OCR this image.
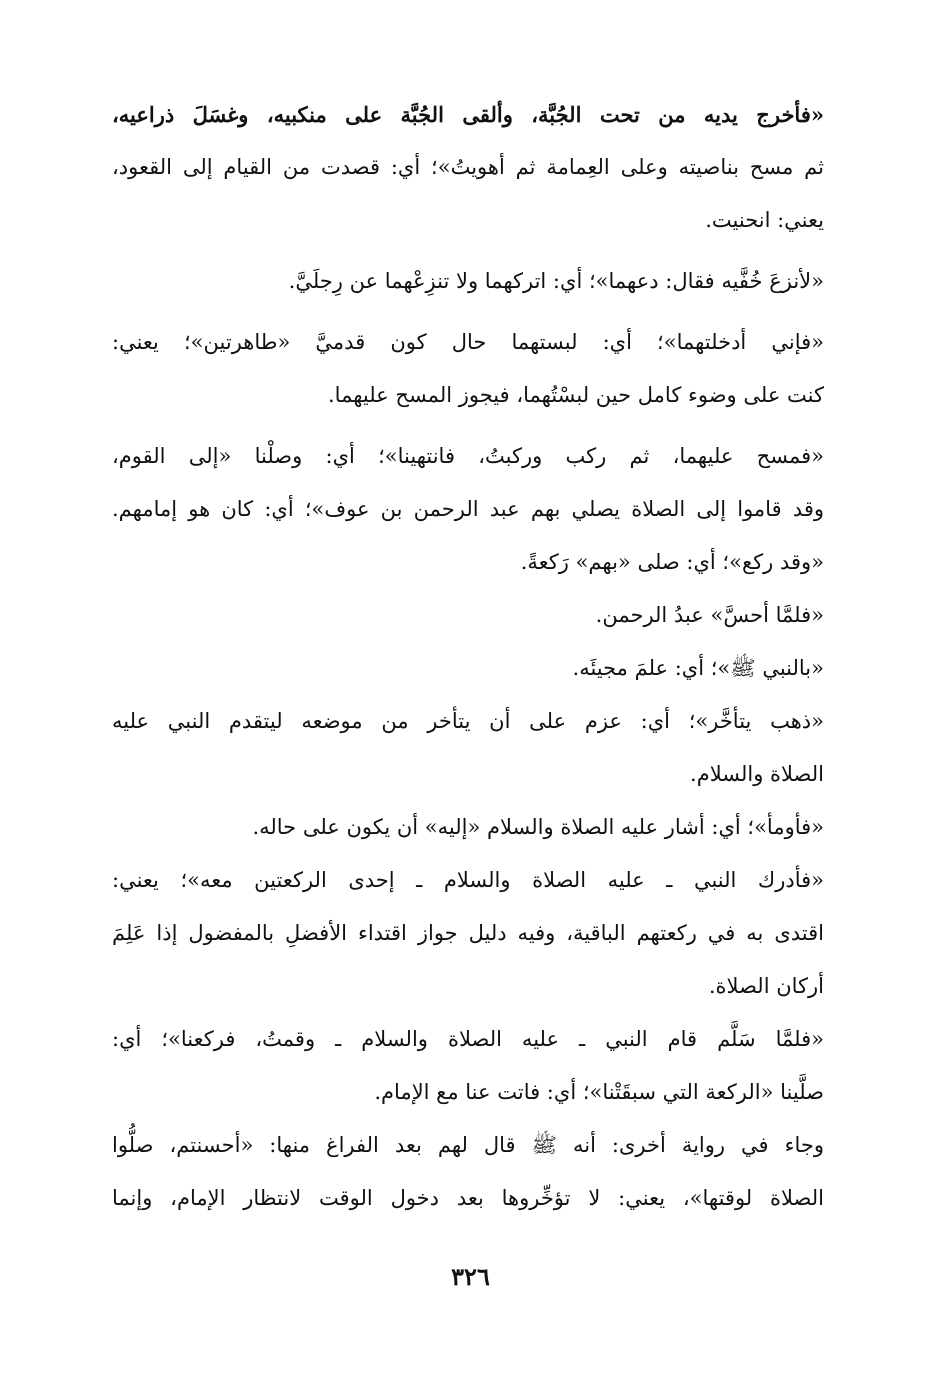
«فأخرج يديه من تحت الجُبَّة، وألقى الجُبَّة على منكبيه، وغسَلَ ذراعيه،
ثم مسح بناصيته وعلى العِمامة ثم أهويتُ»؛ أي: قصدت من القيام إلى القعود،
يعني: انحنيت.
«لأنزعَ خُفَّيه فقال: دعهما»؛ أي: اتركهما ولا تنزِعْهما عن رِجلَيَّ.
«فإني أدخلتهما»؛ أي: لبستهما حال كون قدميَّ «طاهرتين»؛ يعني:
كنت على وضوء كامل حين لبسْتُهما، فيجوز المسح عليهما.
«فمسح عليهما، ثم ركب وركبتُ، فانتهينا»؛ أي: وصلْنا «إلى القوم،
وقد قاموا إلى الصلاة يصلي بهم عبد الرحمن بن عوف»؛ أي: كان هو إمامهم.
«وقد ركع»؛ أي: صلى «بهم» رَكعةً.
«فلمَّا أحسَّ» عبدُ الرحمن.
«بالنبي ﷺ»؛ أي: علمَ مجيئَه.
«ذهب يتأخَّر»؛ أي: عزم على أن يتأخر من موضعه ليتقدم النبي عليه
الصلاة والسلام.
«فأومأ»؛ أي: أشار عليه الصلاة والسلام «إليه» أن يكون على حاله.
«فأدرك النبي ـ عليه الصلاة والسلام ـ إحدى الركعتين معه»؛ يعني:
اقتدى به في ركعتهم الباقية، وفيه دليل جواز اقتداء الأفضلِ بالمفضول إذا عَلِمَ
أركان الصلاة.
«فلمَّا سَلَّم قام النبي ـ عليه الصلاة والسلام ـ وقمتُ، فركعنا»؛ أي:
صلَّينا «الركعة التي سبقَتْنا»؛ أي: فاتت عنا مع الإمام.
وجاء في رواية أخرى: أنه ﷺ قال لهم بعد الفراغ منها: «أحسنتم، صلُّوا
الصلاة لوقتها»، يعني: لا تؤخِّروها بعد دخول الوقت لانتظار الإمام، وإنما
٣٢٦
